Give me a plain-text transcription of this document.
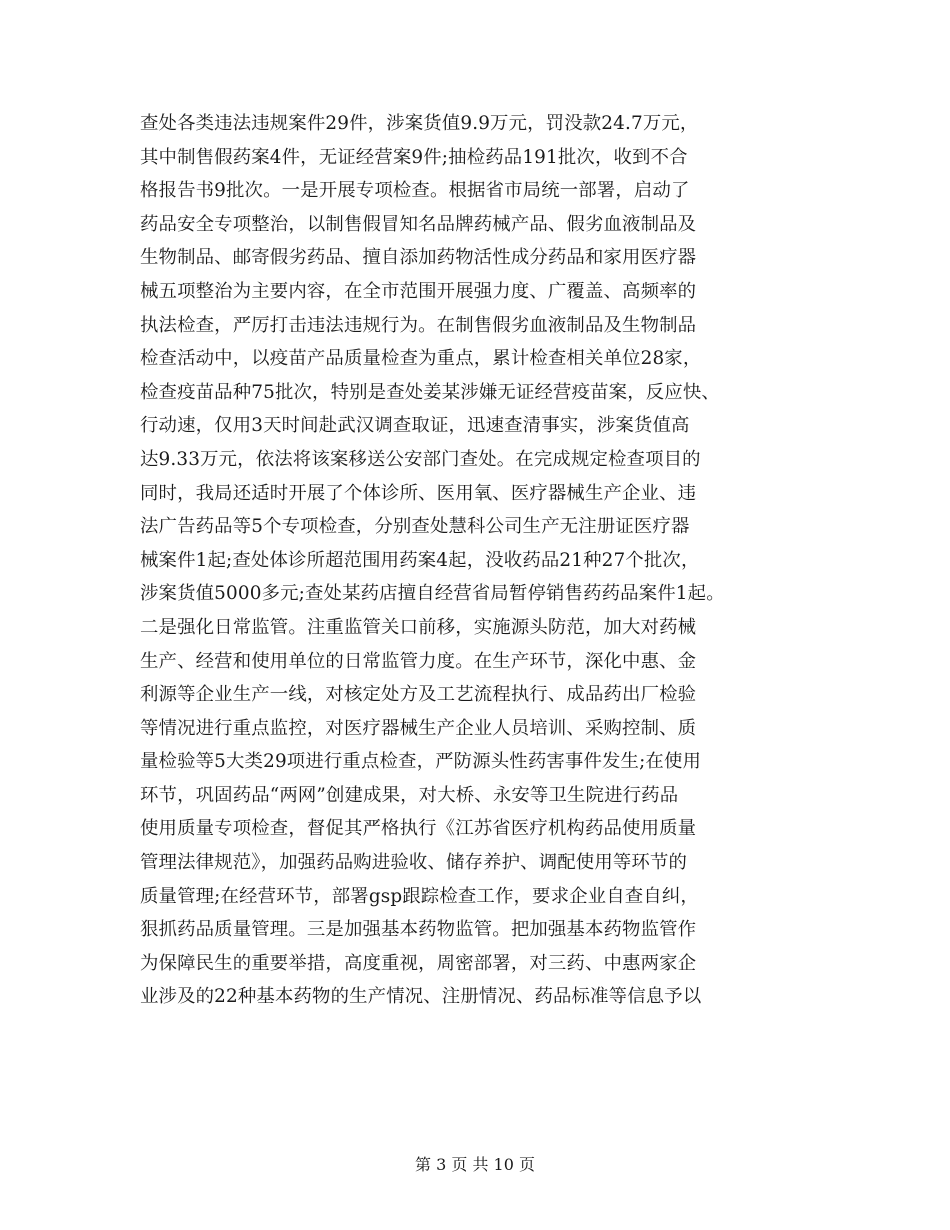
查处各类违法违规案件29件，涉案货值9.9万元，罚没款24.7万元，
其中制售假药案4件，无证经营案9件;抽检药品191批次，收到不合
格报告书9批次。一是开展专项检查。根据省市局统一部署，启动了
药品安全专项整治，以制售假冒知名品牌药械产品、假劣血液制品及
生物制品、邮寄假劣药品、擅自添加药物活性成分药品和家用医疗器
械五项整治为主要内容，在全市范围开展强力度、广覆盖、高频率的
执法检查，严厉打击违法违规行为。在制售假劣血液制品及生物制品
检查活动中，以疫苗产品质量检查为重点，累计检查相关单位28家，
检查疫苗品种75批次，特别是查处姜某涉嫌无证经营疫苗案，反应快、
行动速，仅用3天时间赴武汉调查取证，迅速查清事实，涉案货值高
达9.33万元，依法将该案移送公安部门查处。在完成规定检查项目的
同时，我局还适时开展了个体诊所、医用氧、医疗器械生产企业、违
法广告药品等5个专项检查，分别查处慧科公司生产无注册证医疗器
械案件1起;查处体诊所超范围用药案4起，没收药品21种27个批次，
涉案货值5000多元;查处某药店擅自经营省局暂停销售药药品案件1起。
二是强化日常监管。注重监管关口前移，实施源头防范，加大对药械
生产、经营和使用单位的日常监管力度。在生产环节，深化中惠、金
利源等企业生产一线，对核定处方及工艺流程执行、成品药出厂检验
等情况进行重点监控，对医疗器械生产企业人员培训、采购控制、质
量检验等5大类29项进行重点检查，严防源头性药害事件发生;在使用
环节，巩固药品“两网”创建成果，对大桥、永安等卫生院进行药品
使用质量专项检查，督促其严格执行《江苏省医疗机构药品使用质量
管理法律规范》，加强药品购进验收、储存养护、调配使用等环节的
质量管理;在经营环节，部署gsp跟踪检查工作，要求企业自查自纠，
狠抓药品质量管理。三是加强基本药物监管。把加强基本药物监管作
为保障民生的重要举措，高度重视，周密部署，对三药、中惠两家企
业涉及的22种基本药物的生产情况、注册情况、药品标准等信息予以
第 3 页 共 10 页
